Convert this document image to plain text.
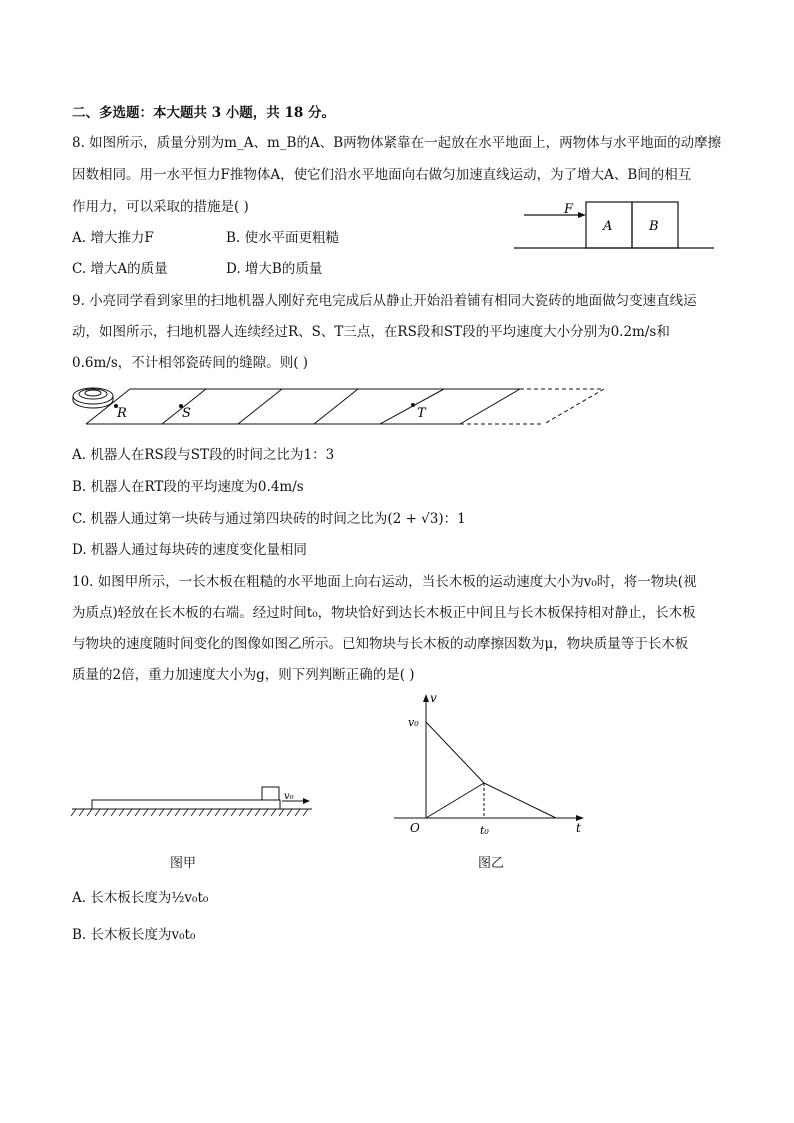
二、多选题：本大题共 3 小题，共 18 分。
8. 如图所示，质量分别为m_A、m_B的A、B两物体紧靠在一起放在水平地面上，两物体与水平地面的动摩擦
因数相同。用一水平恒力F推物体A，使它们沿水平地面向右做匀加速直线运动，为了增大A、B间的相互
作用力，可以采取的措施是( )
A. 增大推力F	B. 使水平面更粗糙
C. 增大A的质量	D. 增大B的质量
F
A	B
9. 小亮同学看到家里的扫地机器人刚好充电完成后从静止开始沿着铺有相同大瓷砖的地面做匀变速直线运
动，如图所示，扫地机器人连续经过R、S、T三点，在RS段和ST段的平均速度大小分别为0.2m/s和
0.6m/s，不计相邻瓷砖间的缝隙。则( )
R	S	T
A. 机器人在RS段与ST段的时间之比为1：3
B. 机器人在RT段的平均速度为0.4m/s
C. 机器人通过第一块砖与通过第四块砖的时间之比为(2 + √3)：1
D. 机器人通过每块砖的速度变化量相同
10. 如图甲所示，一长木板在粗糙的水平地面上向右运动，当长木板的运动速度大小为v₀时，将一物块(视
为质点)轻放在长木板的右端。经过时间t₀，物块恰好到达长木板正中间且与长木板保持相对静止，长木板
与物块的速度随时间变化的图像如图乙所示。已知物块与长木板的动摩擦因数为μ，物块质量等于长木板
质量的2倍，重力加速度大小为g，则下列判断正确的是( )
v₀
图甲
v
t
O
v₀
t₀
图乙
A. 长木板长度为½v₀t₀
B. 长木板长度为v₀t₀
